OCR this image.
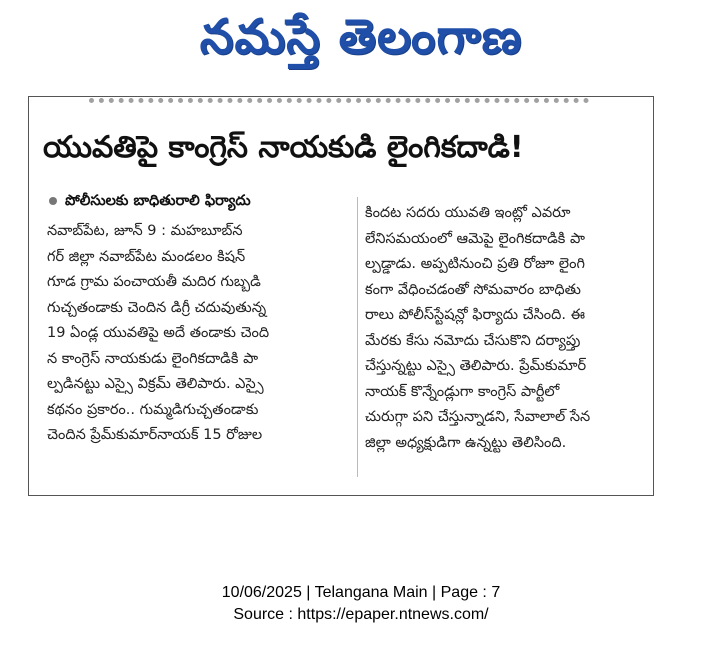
నమస్తే తెలంగాణ
యువతిపై కాంగ్రెస్ నాయకుడి లైంగికదాడి!
పోలీసులకు బాధితురాలి ఫిర్యాదు
నవాబ్‌పేట, జూన్ 9 : మహబూబ్‌న
గర్ జిల్లా నవాబ్‌పేట మండలం కిషన్
గూడ గ్రామ పంచాయతీ మదిర గుబ్బడి
గుచ్చతండాకు చెందిన డిగ్రీ చదువుతున్న
19 ఏండ్ల యువతిపై అదే తండాకు చెంది
న కాంగ్రెస్ నాయకుడు లైంగికదాడికి పా
ల్పడినట్టు ఎస్సై విక్రమ్ తెలిపారు. ఎస్సై
కథనం ప్రకారం.. గుమ్మడిగుచ్చతండాకు
చెందిన ప్రేమ్‌కుమార్‌నాయక్ 15 రోజుల
కిందట సదరు యువతి ఇంట్లో ఎవరూ
లేనిసమయంలో ఆమెపై లైంగికదాడికి పా
ల్పడ్డాడు. అప్పటినుంచి ప్రతి రోజూ లైంగి
కంగా వేధించడంతో సోమవారం బాధితు
రాలు పోలీస్‌స్టేషన్లో ఫిర్యాదు చేసింది. ఈ
మేరకు కేసు నమోదు చేసుకొని దర్యాప్తు
చేస్తున్నట్టు ఎస్సై తెలిపారు. ప్రేమ్‌కుమార్
నాయక్ కొన్నేండ్లుగా కాంగ్రెస్ పార్టీలో
చురుగ్గా పని చేస్తున్నాడని, సేవాలాల్ సేన
జిల్లా అధ్యక్షుడిగా ఉన్నట్టు తెలిసింది.
10/06/2025 | Telangana Main | Page : 7
Source : https://epaper.ntnews.com/
